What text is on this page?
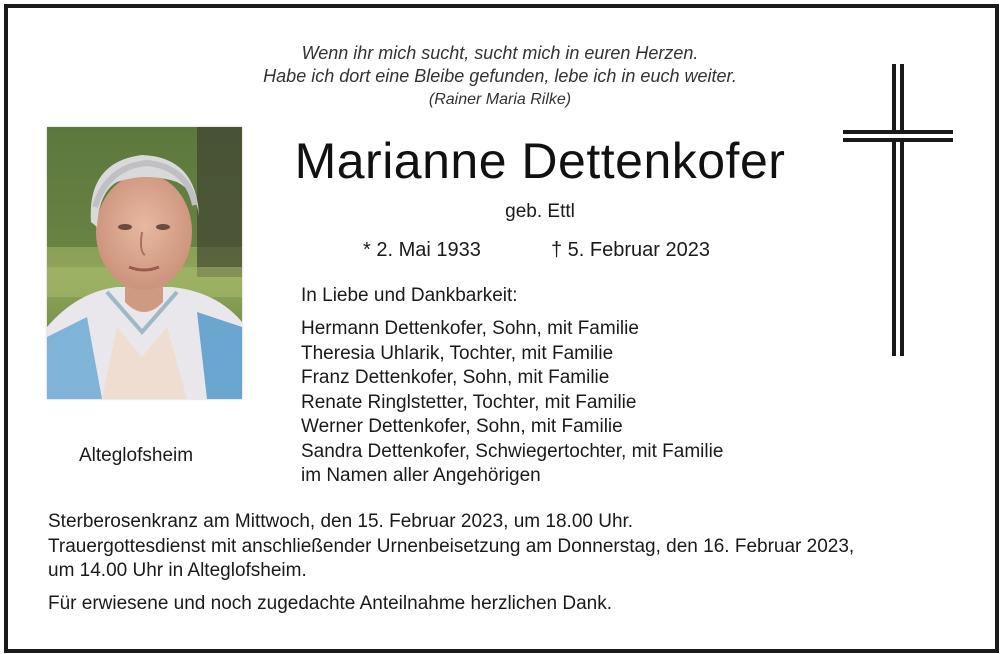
Wenn ihr mich sucht, sucht mich in euren Herzen.
Habe ich dort eine Bleibe gefunden, lebe ich in euch weiter.
(Rainer Maria Rilke)
Marianne Dettenkofer
geb. Ettl
* 2. Mai 1933	† 5. Februar 2023
In Liebe und Dankbarkeit:
Hermann Dettenkofer, Sohn, mit Familie
Theresia Uhlarik, Tochter, mit Familie
Franz Dettenkofer, Sohn, mit Familie
Renate Ringlstetter, Tochter, mit Familie
Werner Dettenkofer, Sohn, mit Familie
Sandra Dettenkofer, Schwiegertochter, mit Familie
im Namen aller Angehörigen
Alteglofsheim

Sterberosenkranz am Mittwoch, den 15. Februar 2023, um 18.00 Uhr.

Trauergottesdienst mit anschließender Urnenbeisetzung am Donnerstag, den 16. Februar 2023,

um 14.00 Uhr in Alteglofsheim.

Für erwiesene und noch zugedachte Anteilnahme herzlichen Dank.
